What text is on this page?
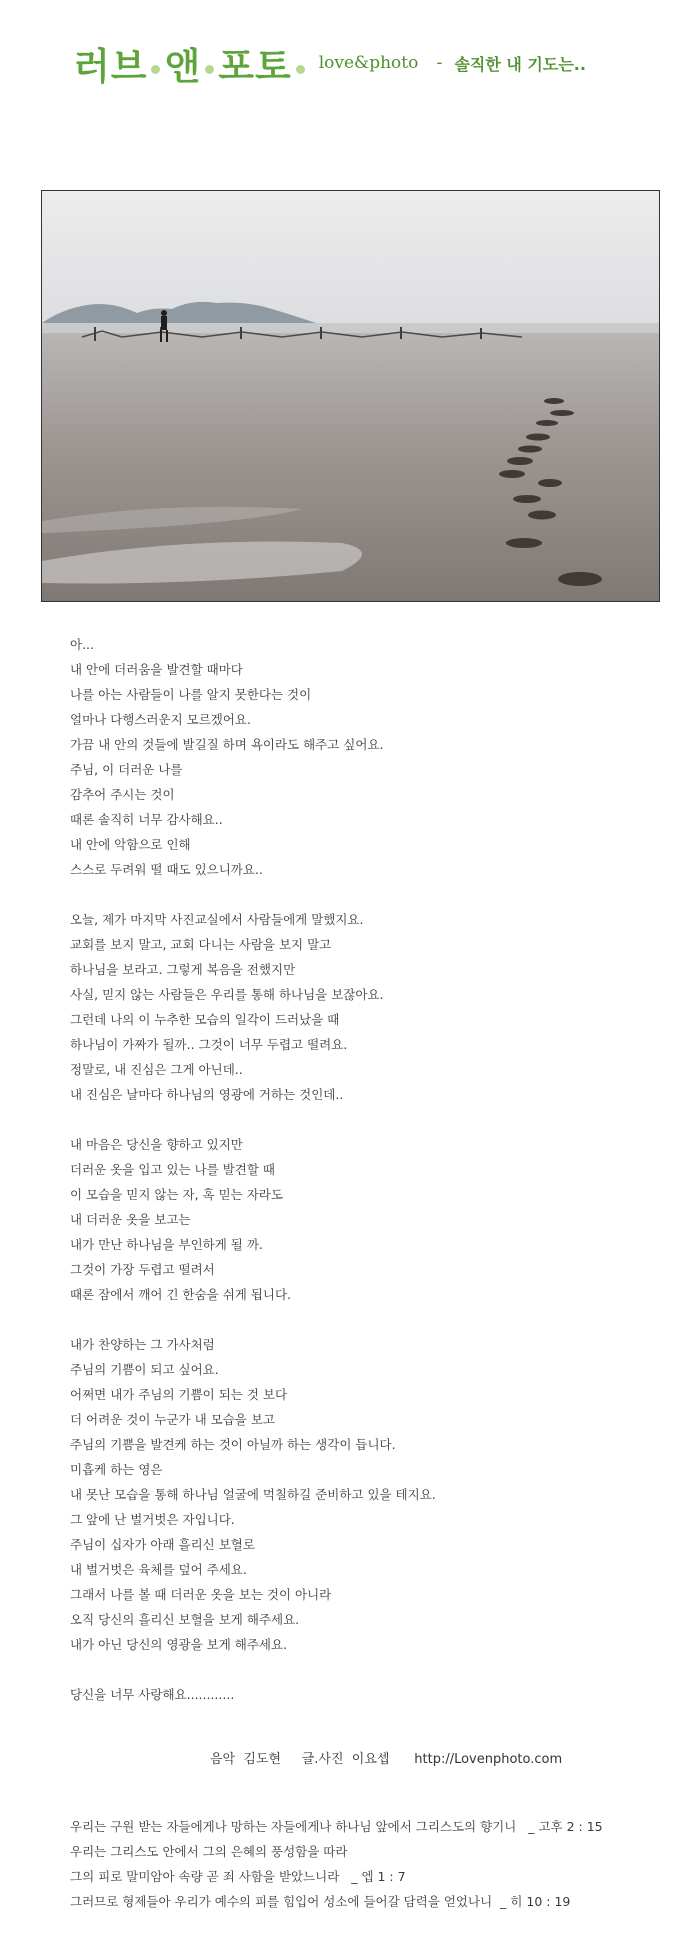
러브 앤 포토 love&photo - 솔직한 내 기도는..
아...
내 안에 더러움을 발견할 때마다
나를 아는 사람들이 나를 알지 못한다는 것이
얼마나 다행스러운지 모르겠어요.
가끔 내 안의 것들에 발길질 하며 욕이라도 해주고 싶어요.
주님, 이 더러운 나를
감추어 주시는 것이
때론 솔직히 너무 감사해요..
내 안에 악함으로 인해
스스로 두려워 떨 때도 있으니까요..
오늘, 제가 마지막 사진교실에서 사람들에게 말했지요.
교회를 보지 말고, 교회 다니는 사람을 보지 말고
하나님을 보라고. 그렇게 복음을 전했지만
사실, 믿지 않는 사람들은 우리를 통해 하나님을 보잖아요.
그런데 나의 이 누추한 모습의 일각이 드러났을 때
하나님이 가짜가 될까.. 그것이 너무 두렵고 떨려요.
정말로, 내 진심은 그게 아닌데..
내 진심은 날마다 하나님의 영광에 거하는 것인데..
내 마음은 당신을 향하고 있지만
더러운 옷을 입고 있는 나를 발견할 때
이 모습을 믿지 않는 자, 혹 믿는 자라도
내 더러운 옷을 보고는
내가 만난 하나님을 부인하게 될 까.
그것이 가장 두렵고 떨려서
때론 잠에서 깨어 긴 한숨을 쉬게 됩니다.
내가 찬양하는 그 가사처럼
주님의 기쁨이 되고 싶어요.
어쩌면 내가 주님의 기쁨이 되는 것 보다
더 어려운 것이 누군가 내 모습을 보고
주님의 기쁨을 발견케 하는 것이 아닐까 하는 생각이 듭니다.
미흡케 하는 영은
내 못난 모습을 통해 하나님 얼굴에 먹칠하길 준비하고 있을 테지요.
그 앞에 난 벌거벗은 자입니다.
주님이 십자가 아래 흘리신 보혈로
내 벌거벗은 육체를 덮어 주세요.
그래서 나를 볼 때 더러운 옷을 보는 것이 아니라
오직 당신의 흘리신 보혈을 보게 해주세요.
내가 아닌 당신의 영광을 보게 해주세요.
당신을 너무 사랑해요............
음악  김도현     글.사진  이요셉      http://Lovenphoto.com
우리는 구원 받는 자들에게나 망하는 자들에게나 하나님 앞에서 그리스도의 향기니   _ 고후 2 : 15
우리는 그리스도 안에서 그의 은혜의 풍성함을 따라
그의 피로 말미암아 속량 곧 죄 사함을 받았느니라   _ 엡 1 : 7
그러므로 형제들아 우리가 예수의 피를 힘입어 성소에 들어갈 담력을 얻었나니  _ 히 10 : 19
